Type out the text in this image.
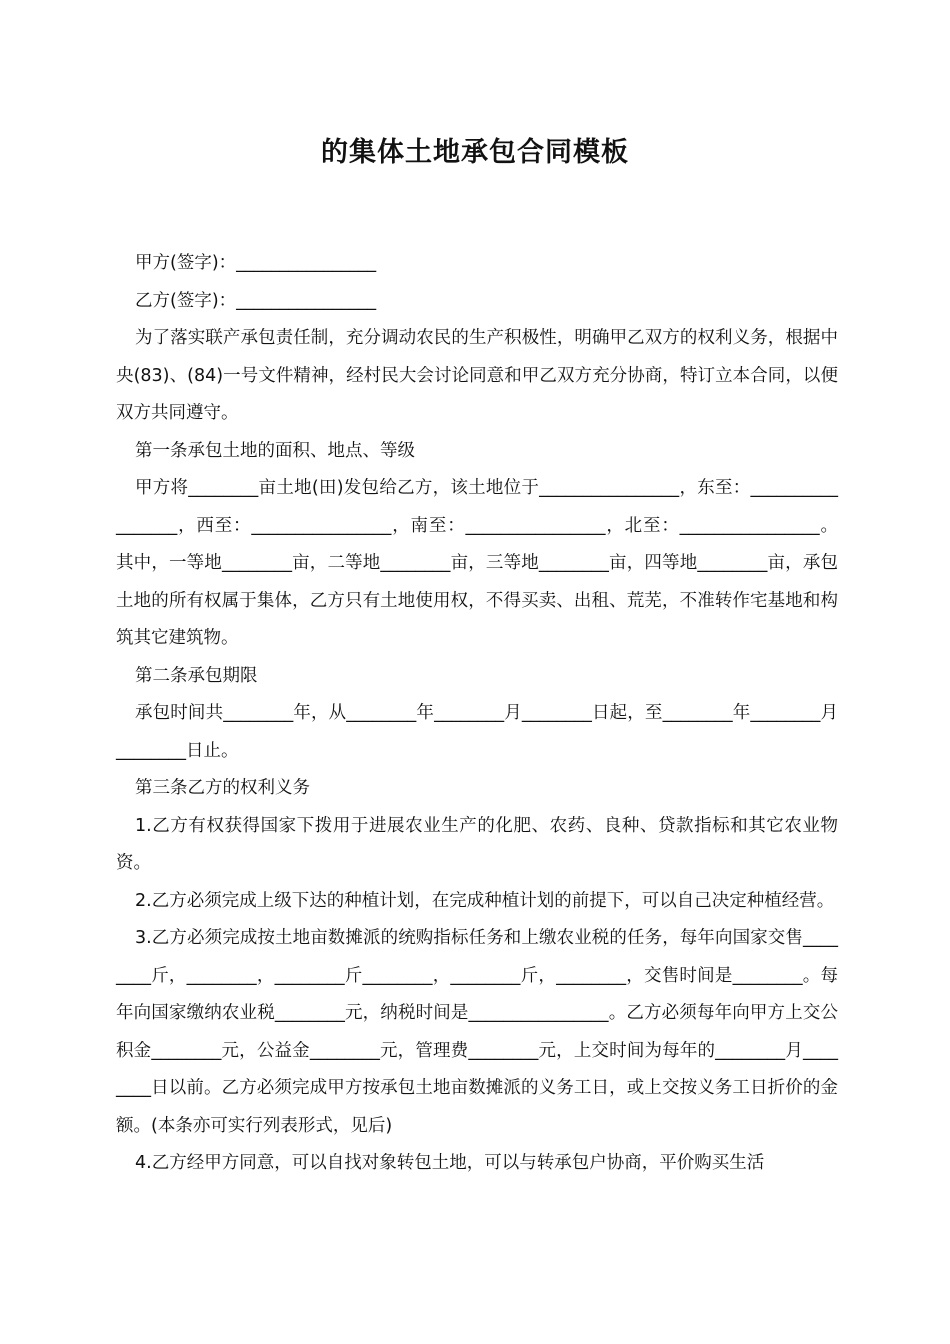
的集体土地承包合同模板

甲方(签字)：________________

乙方(签字)：________________

为了落实联产承包责任制，充分调动农民的生产积极性，明确甲乙双方的权利义务，根据中央(83)、(84)一号文件精神，经村民大会讨论同意和甲乙双方充分协商，特订立本合同，以便双方共同遵守。

第一条承包土地的面积、地点、等级

甲方将________亩土地(田)发包给乙方，该土地位于________________，东至：_________________，西至：________________，南至：________________，北至：________________。其中，一等地________亩，二等地________亩，三等地________亩，四等地________亩，承包土地的所有权属于集体，乙方只有土地使用权，不得买卖、出租、荒芜，不准转作宅基地和构筑其它建筑物。

第二条承包期限

承包时间共________年，从________年________月________日起，至________年________月________日止。

第三条乙方的权利义务

1.乙方有权获得国家下拨用于进展农业生产的化肥、农药、良种、贷款指标和其它农业物资。

2.乙方必须完成上级下达的种植计划，在完成种植计划的前提下，可以自己决定种植经营。

3.乙方必须完成按土地亩数摊派的统购指标任务和上缴农业税的任务，每年向国家交售________斤，________，________斤________，________斤，________，交售时间是________。每年向国家缴纳农业税________元，纳税时间是________________。乙方必须每年向甲方上交公积金________元，公益金________元，管理费________元，上交时间为每年的________月________日以前。乙方必须完成甲方按承包土地亩数摊派的义务工日，或上交按义务工日折价的金额。(本条亦可实行列表形式，见后)

4.乙方经甲方同意，可以自找对象转包土地，可以与转承包户协商，平价购买生活
